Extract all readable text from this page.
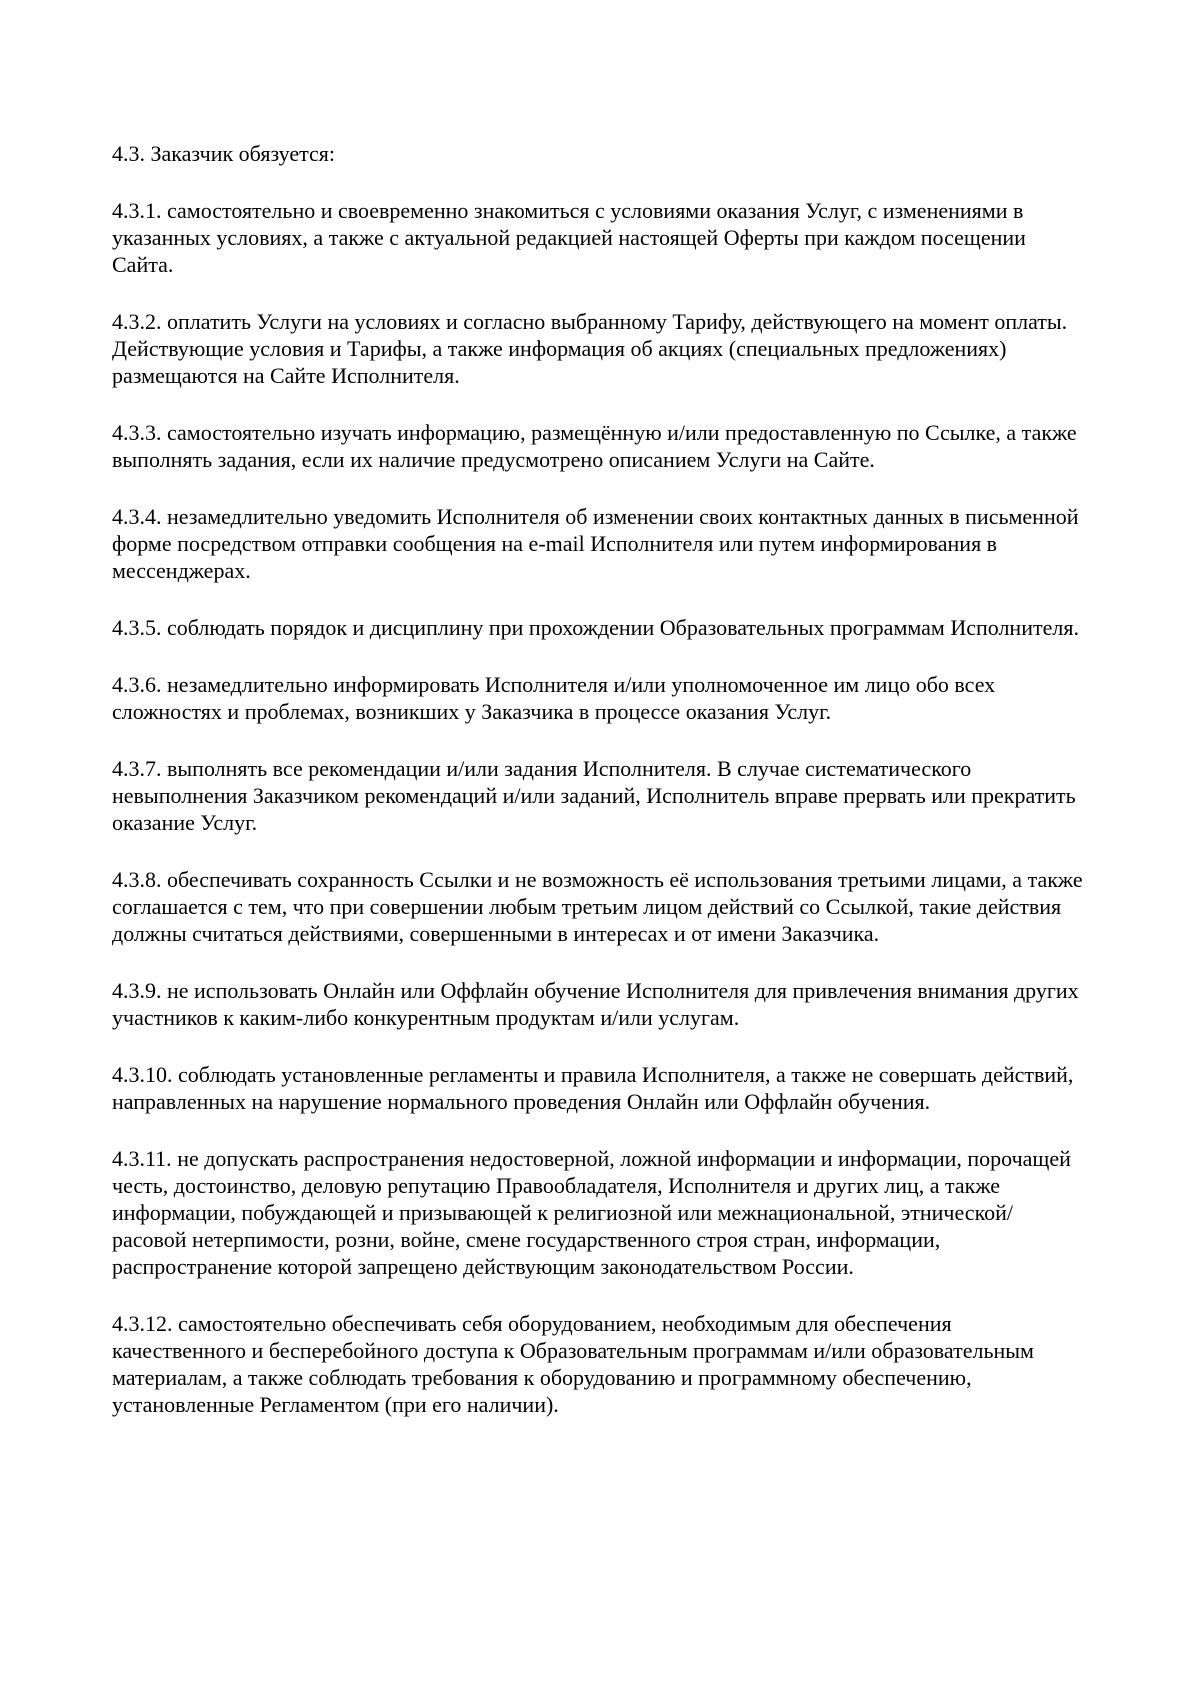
4.3. Заказчик обязуется:

4.3.1. самостоятельно и своевременно знакомиться с условиями оказания Услуг, с изменениями в указанных условиях, а также с актуальной редакцией настоящей Оферты при каждом посещении Сайта.

4.3.2. оплатить Услуги на условиях и согласно выбранному Тарифу, действующего на момент оплаты. Действующие условия и Тарифы, а также информация об акциях (специальных предложениях) размещаются на Сайте Исполнителя.

4.3.3. самостоятельно изучать информацию, размещённую и/или предоставленную по Ссылке, а также выполнять задания, если их наличие предусмотрено описанием Услуги на Сайте.

4.3.4. незамедлительно уведомить Исполнителя об изменении своих контактных данных в письменной форме посредством отправки сообщения на e-mail Исполнителя или путем информирования в мессенджерах.

4.3.5. соблюдать порядок и дисциплину при прохождении Образовательных программам Исполнителя.

4.3.6. незамедлительно информировать Исполнителя и/или уполномоченное им лицо обо всех сложностях и проблемах, возникших у Заказчика в процессе оказания Услуг.

4.3.7. выполнять все рекомендации и/или задания Исполнителя. В случае систематического невыполнения Заказчиком рекомендаций и/или заданий, Исполнитель вправе прервать или прекратить оказание Услуг.

4.3.8. обеспечивать сохранность Ссылки и не возможность её использования третьими лицами, а также соглашается с тем, что при совершении любым третьим лицом действий со Ссылкой, такие действия должны считаться действиями, совершенными в интересах и от имени Заказчика.

4.3.9. не использовать Онлайн или Оффлайн обучение Исполнителя для привлечения внимания других участников к каким-либо конкурентным продуктам и/или услугам.

4.3.10. соблюдать установленные регламенты и правила Исполнителя, а также не совершать действий, направленных на нарушение нормального проведения Онлайн или Оффлайн обучения.

4.3.11. не допускать распространения недостоверной, ложной информации и информации, порочащей честь, достоинство, деловую репутацию Правообладателя, Исполнителя и других лиц, а также информации, побуждающей и призывающей к религиозной или межнациональной, этнической/расовой нетерпимости, розни, войне, смене государственного строя стран, информации, распространение которой запрещено действующим законодательством России.

4.3.12. самостоятельно обеспечивать себя оборудованием, необходимым для обеспечения качественного и бесперебойного доступа к Образовательным программам и/или образовательным материалам, а также соблюдать требования к оборудованию и программному обеспечению, установленные Регламентом (при его наличии).
